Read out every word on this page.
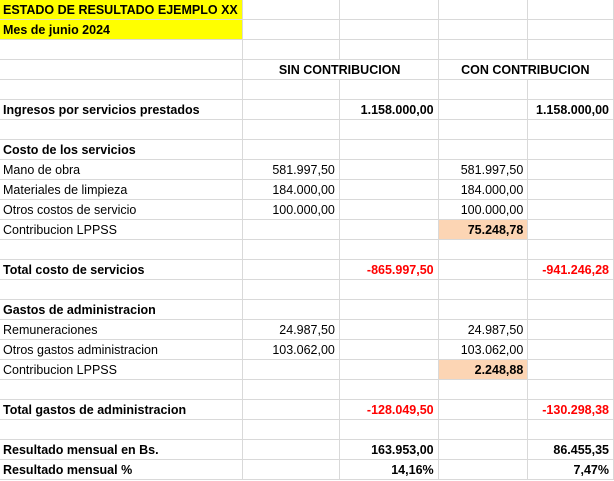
ESTADO DE RESULTADO EJEMPLO XX				
Mes de junio 2024				

	SIN CONTRIBUCION		CON CONTRIBUCION	

Ingresos por servicios prestados		1.158.000,00		1.158.000,00

Costo de los servicios				
Mano de obra	581.997,50		581.997,50	
Materiales de limpieza	184.000,00		184.000,00	
Otros costos de servicio	100.000,00		100.000,00	
Contribucion LPPSS			75.248,78	

Total costo de servicios		-865.997,50		-941.246,28

Gastos de administracion				
Remuneraciones	24.987,50		24.987,50	
Otros gastos administracion	103.062,00		103.062,00	
Contribucion LPPSS			2.248,88	

Total gastos de administracion		-128.049,50		-130.298,38

Resultado mensual en Bs.		163.953,00		86.455,35
Resultado mensual %		14,16%		7,47%
